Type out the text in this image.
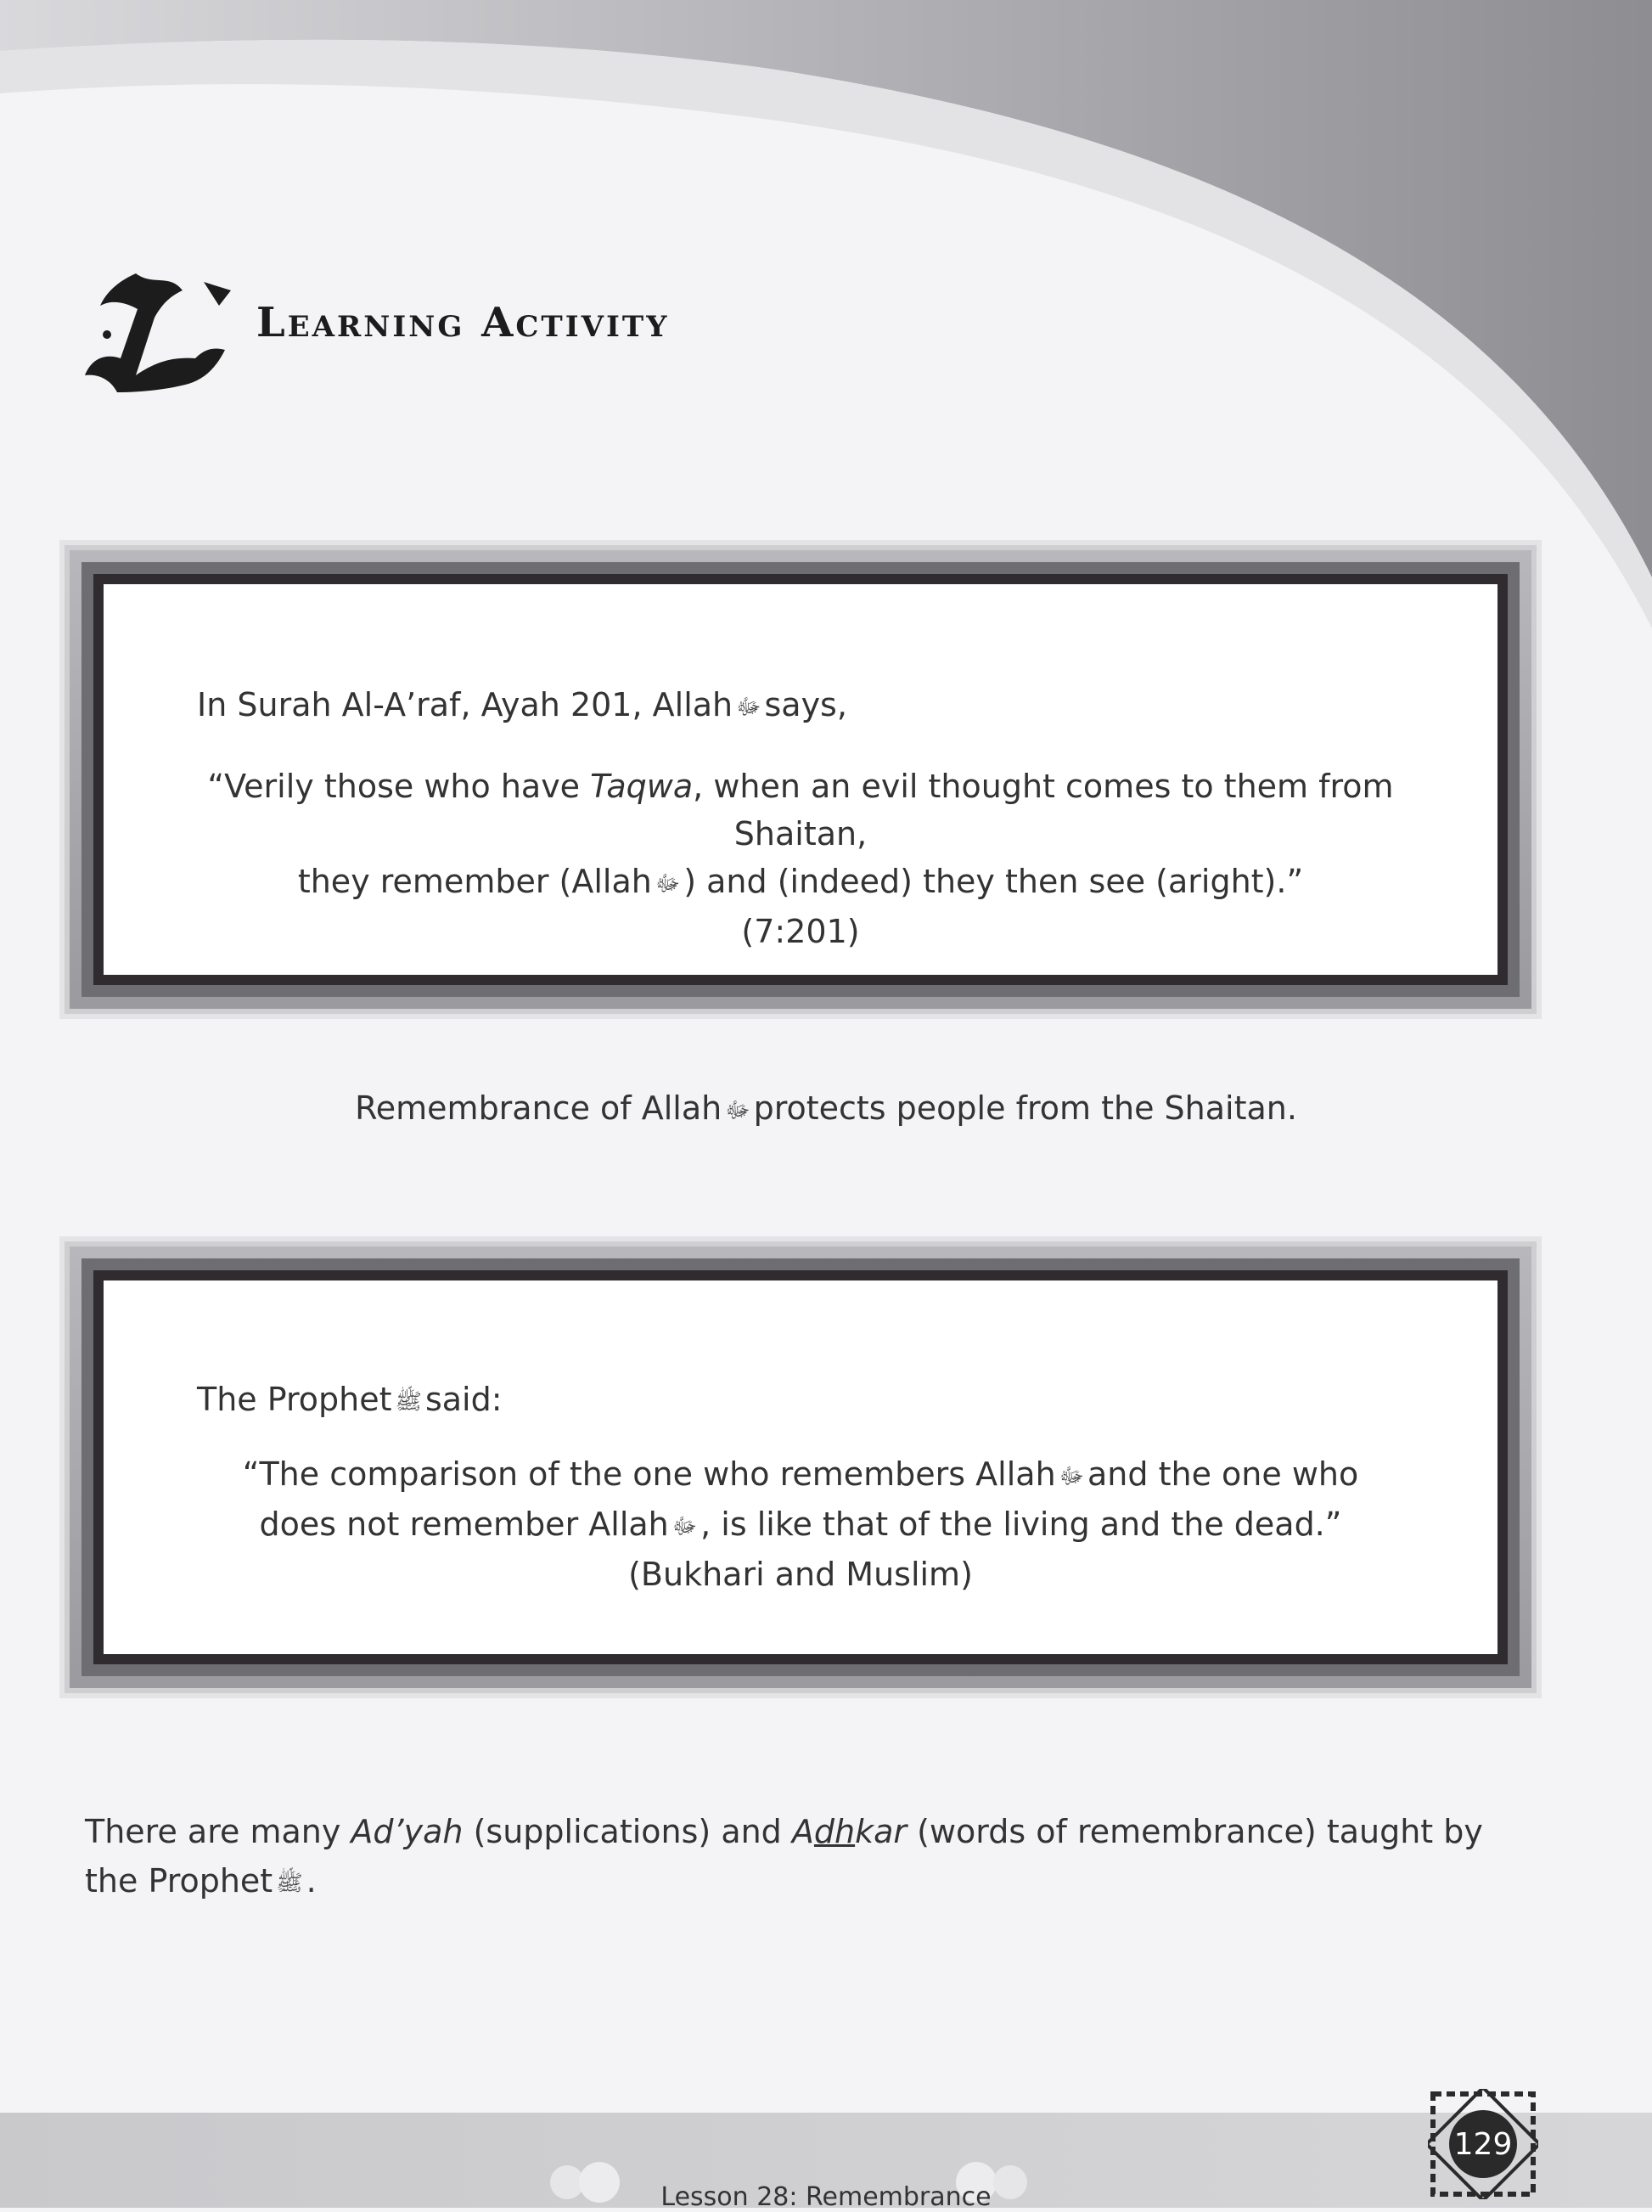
Learning Activity
In Surah Al-A’raf, Ayah 201, Allah ﷻ says,
“Verily those who have Taqwa, when an evil thought comes to them from Shaitan,
they remember (Allah ﷻ ) and (indeed) they then see (aright).”
(7:201)
Remembrance of Allah ﷻ protects people from the Shaitan.
The Prophet ﷺ said:
“The comparison of the one who remembers Allah ﷻ and the one who
does not remember Allah ﷻ , is like that of the living and the dead.”
(Bukhari and Muslim)
There are many Ad’yah (supplications) and Adhkar (words of remembrance) taught by the Prophet ﷺ .
129
Lesson 28: Remembrance
